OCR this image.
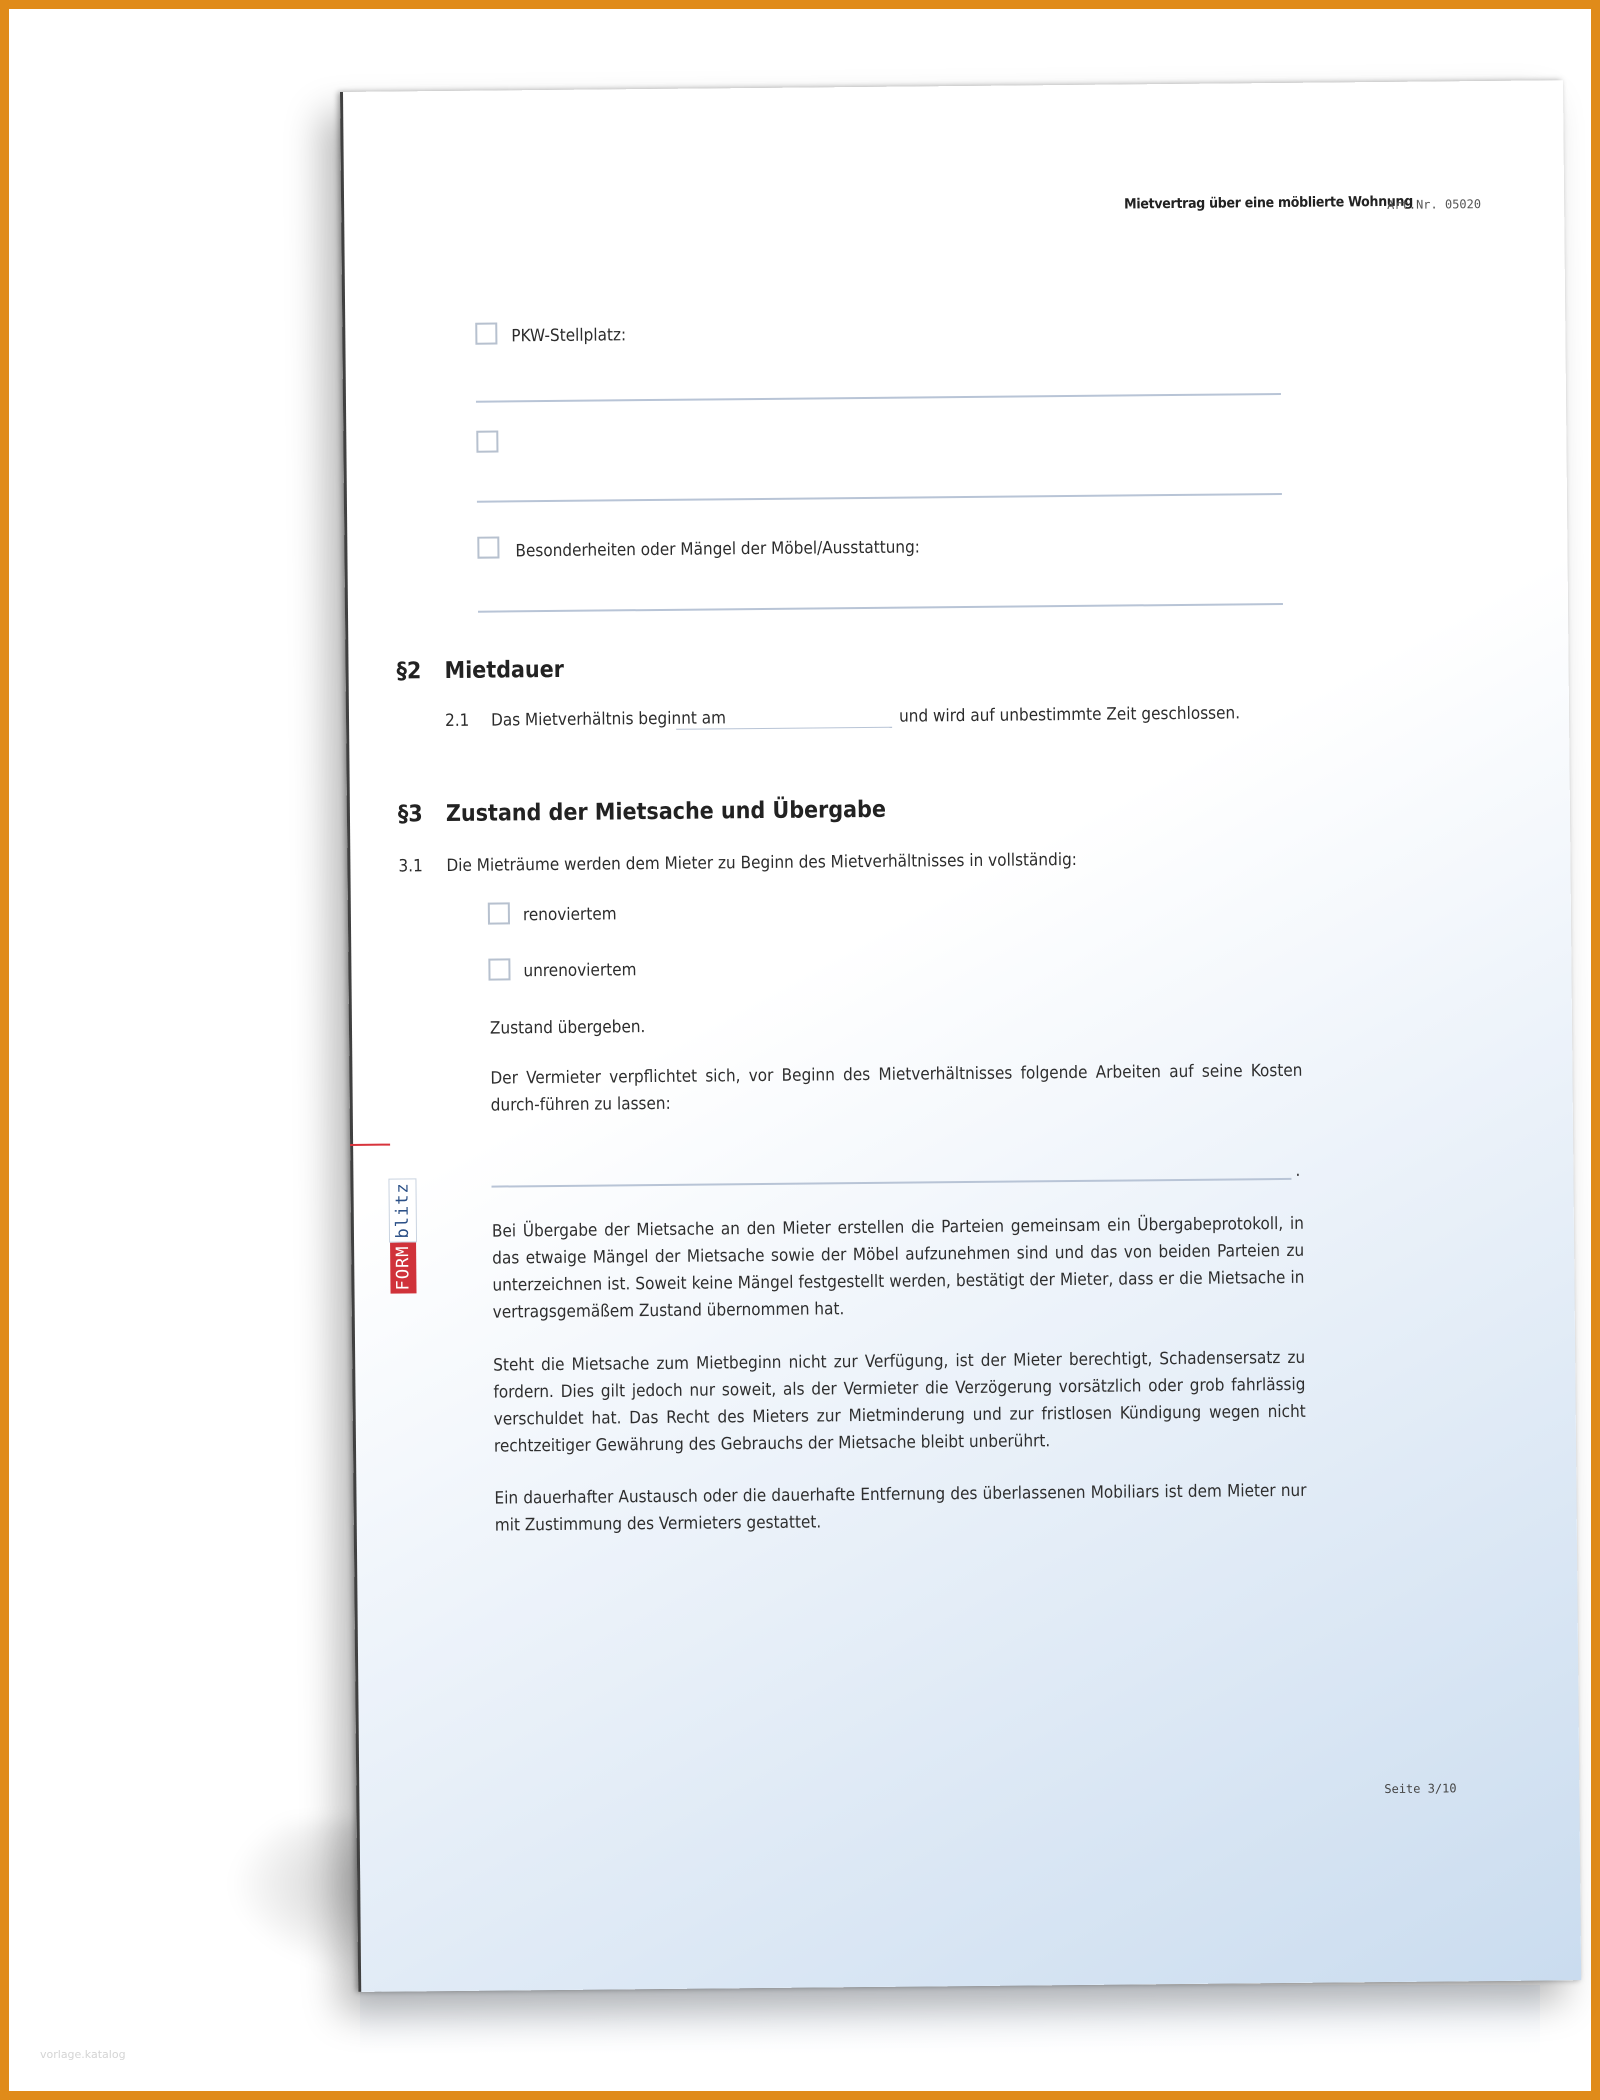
Mietvertrag über eine möblierte Wohnung
Art.Nr. 05020
PKW-Stellplatz:
Besonderheiten oder Mängel der Möbel/Ausstattung:
§2 Mietdauer
2.1 Das Mietverhältnis beginnt am	und wird auf unbestimmte Zeit geschlossen.
§3 Zustand der Mietsache und Übergabe
3.1 Die Mieträume werden dem Mieter zu Beginn des Mietverhältnisses in vollständig:
renoviertem
unrenoviertem
Zustand übergeben.
Der Vermieter verpflichtet sich, vor Beginn des Mietverhältnisses folgende Arbeiten auf seine Kosten durch-führen zu lassen:
.
Bei Übergabe der Mietsache an den Mieter erstellen die Parteien gemeinsam ein Übergabeprotokoll, in das etwaige Mängel der Mietsache sowie der Möbel aufzunehmen sind und das von beiden Parteien zu unterzeichnen ist. Soweit keine Mängel festgestellt werden, bestätigt der Mieter, dass er die Mietsache in vertragsgemäßem Zustand übernommen hat.
Steht die Mietsache zum Mietbeginn nicht zur Verfügung, ist der Mieter berechtigt, Schadensersatz zu fordern. Dies gilt jedoch nur soweit, als der Vermieter die Verzögerung vorsätzlich oder grob fahrlässig verschuldet hat. Das Recht des Mieters zur Mietminderung und zur fristlosen Kündigung wegen nicht rechtzeitiger Gewährung des Gebrauchs der Mietsache bleibt unberührt.
Ein dauerhafter Austausch oder die dauerhafte Entfernung des überlassenen Mobiliars ist dem Mieter nur mit Zustimmung des Vermieters gestattet.
Seite 3/10
FORMblitz
vorlage.katalog
